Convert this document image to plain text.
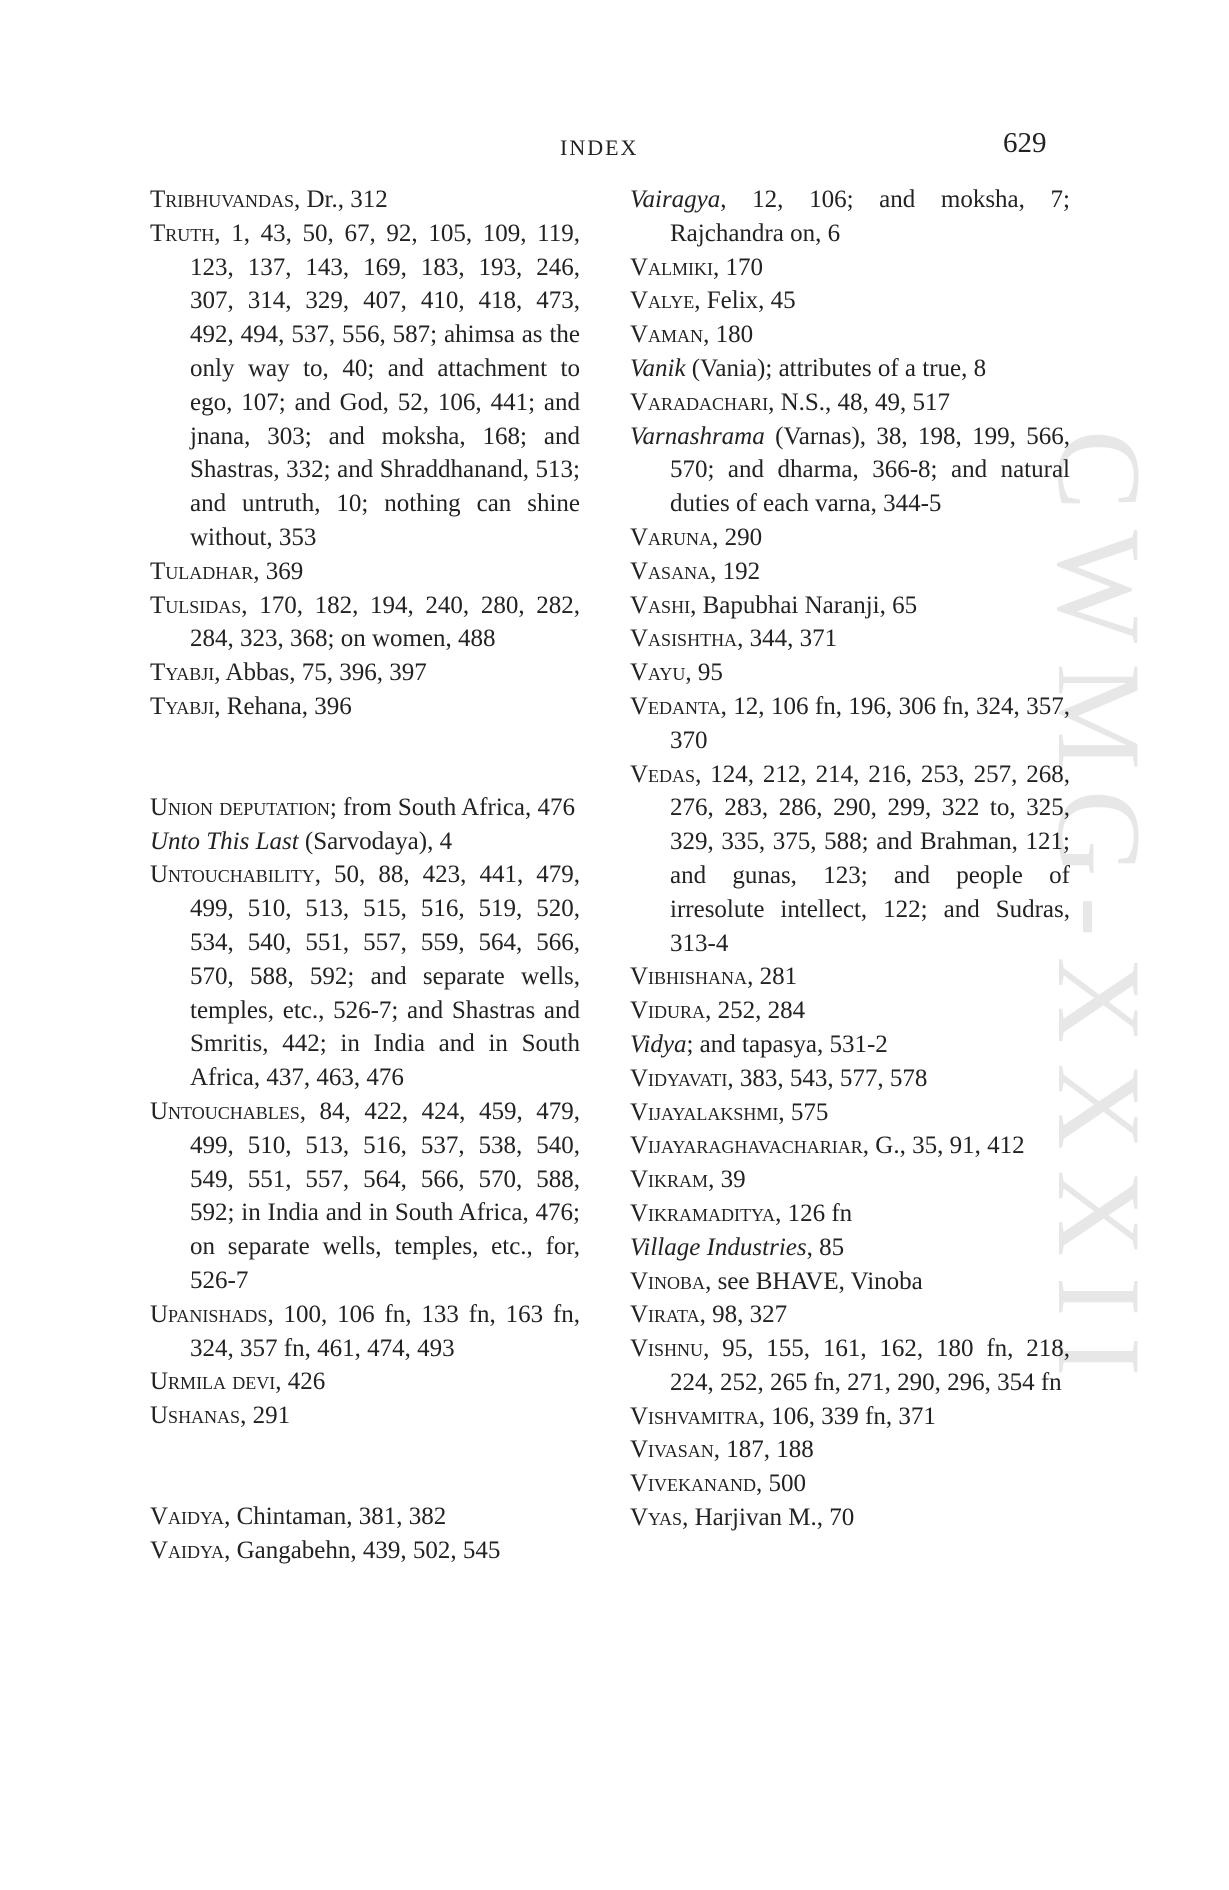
INDEX	629
CWMG-XXXII

Tribhuvandas, Dr., 312

Truth, 1, 43, 50, 67, 92, 105, 109, 119, 123, 137, 143, 169, 183, 193, 246, 307, 314, 329, 407, 410, 418, 473, 492, 494, 537, 556, 587; ahimsa as the only way to, 40; and attachment to ego, 107; and God, 52, 106, 441; and jnana, 303; and moksha, 168; and Shastras, 332; and Shraddhanand, 513; and untruth, 10; nothing can shine without, 353

Tuladhar, 369

Tulsidas, 170, 182, 194, 240, 280, 282, 284, 323, 368; on women, 488

Tyabji, Abbas, 75, 396, 397

Tyabji, Rehana, 396

Union deputation; from South Africa, 476

Unto This Last (Sarvodaya), 4

Untouchability, 50, 88, 423, 441, 479, 499, 510, 513, 515, 516, 519, 520, 534, 540, 551, 557, 559, 564, 566, 570, 588, 592; and separate wells, temples, etc., 526-7; and Shastras and Smritis, 442; in India and in South Africa, 437, 463, 476

Untouchables, 84, 422, 424, 459, 479, 499, 510, 513, 516, 537, 538, 540, 549, 551, 557, 564, 566, 570, 588, 592; in India and in South Africa, 476; on separate wells, temples, etc., for, 526-7

Upanishads, 100, 106 fn, 133 fn, 163 fn, 324, 357 fn, 461, 474, 493

Urmila devi, 426

Ushanas, 291

Vaidya, Chintaman, 381, 382

Vaidya, Gangabehn, 439, 502, 545

Vairagya, 12, 106; and moksha, 7; Rajchandra on, 6

Valmiki, 170

Valye, Felix, 45

Vaman, 180

Vanik (Vania); attributes of a true, 8

Varadachari, N.S., 48, 49, 517

Varnashrama (Varnas), 38, 198, 199, 566, 570; and dharma, 366-8; and natural duties of each varna, 344-5

Varuna, 290

Vasana, 192

Vashi, Bapubhai Naranji, 65

Vasishtha, 344, 371

Vayu, 95

Vedanta, 12, 106 fn, 196, 306 fn, 324, 357, 370

Vedas, 124, 212, 214, 216, 253, 257, 268, 276, 283, 286, 290, 299, 322 to, 325, 329, 335, 375, 588; and Brahman, 121; and gunas, 123; and people of irresolute intellect, 122; and Sudras, 313-4

Vibhishana, 281

Vidura, 252, 284

Vidya; and tapasya, 531-2

Vidyavati, 383, 543, 577, 578

Vijayalakshmi, 575

Vijayaraghavachariar, G., 35, 91, 412

Vikram, 39

Vikramaditya, 126 fn

Village Industries, 85

Vinoba, see BHAVE, Vinoba

Virata, 98, 327

Vishnu, 95, 155, 161, 162, 180 fn, 218, 224, 252, 265 fn, 271, 290, 296, 354 fn

Vishvamitra, 106, 339 fn, 371

Vivasan, 187, 188

Vivekanand, 500

Vyas, Harjivan M., 70
